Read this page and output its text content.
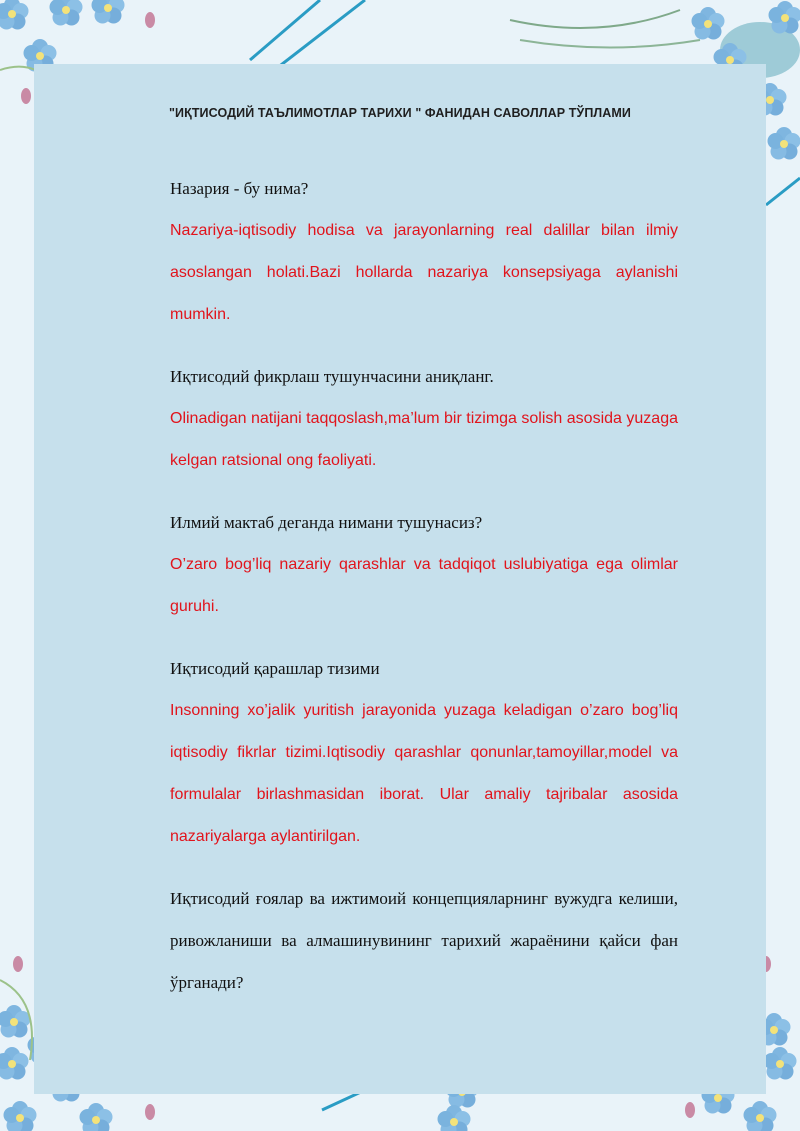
"ИҚТИСОДИЙ ТАЪЛИМОТЛАР ТАРИХИ " ФАНИДАН САВОЛЛАР ТЎПЛАМИ

Назария - бу нима?

Nazariya-iqtisodiy hodisa va jarayonlarning real dalillar bilan ilmiy asoslangan holati.Bazi hollarda nazariya konsepsiyaga aylanishi mumkin.

Иқтисодий фикрлаш тушунчасини аниқланг.

Olinadigan natijani taqqoslash,ma’lum bir tizimga solish asosida yuzaga kelgan ratsional ong faoliyati.

Илмий мактаб деганда нимани тушунасиз?

O’zaro bog’liq nazariy qarashlar va tadqiqot uslubiyatiga ega olimlar guruhi.

Иқтисодий қарашлар тизими

Insonning xo’jalik yuritish jarayonida yuzaga keladigan o’zaro bog’liq iqtisodiy fikrlar tizimi.Iqtisodiy qarashlar qonunlar,tamoyillar,model va formulalar birlashmasidan iborat. Ular amaliy tajribalar asosida nazariyalarga aylantirilgan.

Иқтисодий ғоялар ва ижтимоий концепцияларнинг вужудга келиши, ривожланиши ва алмашинувининг тарихий жараёнини қайси фан ўрганади?
